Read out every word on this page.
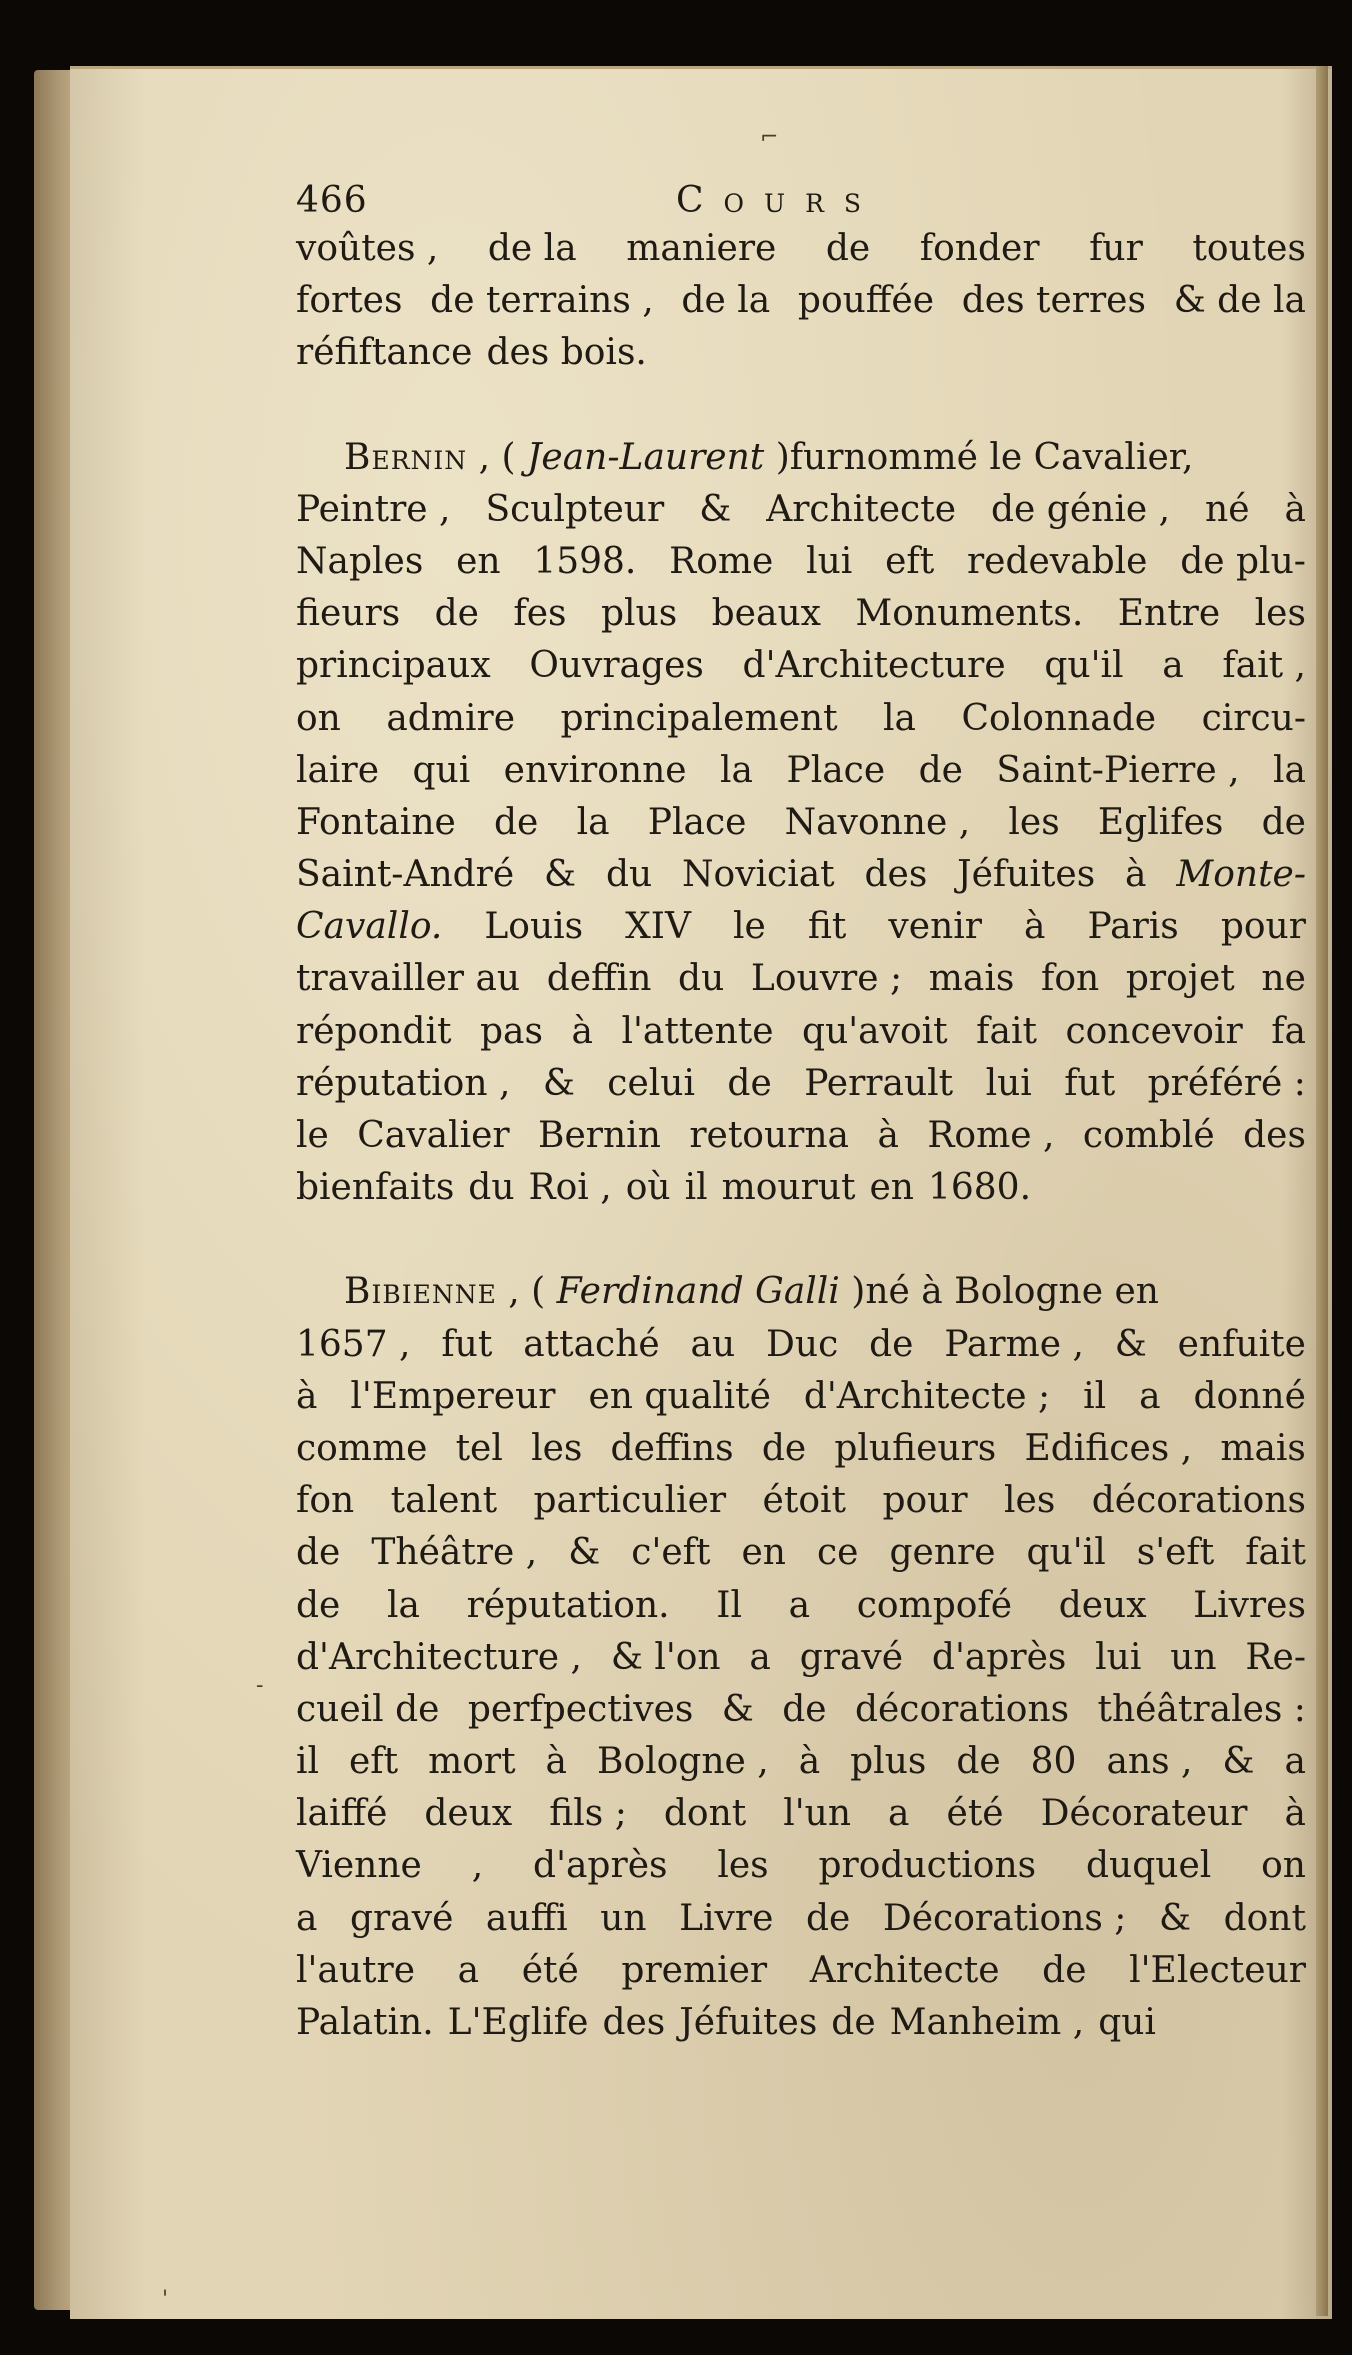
⌐
-
'
466	Cours
voûtes , de la maniere de fonder fur toutes
fortes de terrains , de la pouffée des terres & de la
réfiftance des bois.
Bernin , ( Jean-Laurent ) furnommé le Cavalier,
Peintre , Sculpteur & Architecte de génie , né à
Naples en 1598. Rome lui eft redevable de plu-
fieurs de fes plus beaux Monuments. Entre les
principaux Ouvrages d'Architecture qu'il a fait ,
on admire principalement la Colonnade circu-
laire qui environne la Place de Saint-Pierre , la
Fontaine de la Place Navonne , les Eglifes de
Saint-André & du Noviciat des Jéfuites à Monte-
Cavallo. Louis XIV le fit venir à Paris pour
travailler au deffin du Louvre ; mais fon projet ne
répondit pas à l'attente qu'avoit fait concevoir fa
réputation , & celui de Perrault lui fut préféré :
le Cavalier Bernin retourna à Rome , comblé des
bienfaits du Roi , où il mourut en 1680.
Bibienne , ( Ferdinand Galli ) né à Bologne en
1657 , fut attaché au Duc de Parme , & enfuite
à l'Empereur en qualité d'Architecte ; il a donné
comme tel les deffins de plufieurs Edifices , mais
fon talent particulier étoit pour les décorations
de Théâtre , & c'eft en ce genre qu'il s'eft fait
de la réputation. Il a compofé deux Livres
d'Architecture , & l'on a gravé d'après lui un Re-
cueil de perfpectives & de décorations théâtrales :
il eft mort à Bologne , à plus de 80 ans , & a
laiffé deux fils ; dont l'un a été Décorateur à
Vienne , d'après les productions duquel on
a gravé auffi un Livre de Décorations ; & dont
l'autre a été premier Architecte de l'Electeur
Palatin. L'Eglife des Jéfuites de Manheim , qui
